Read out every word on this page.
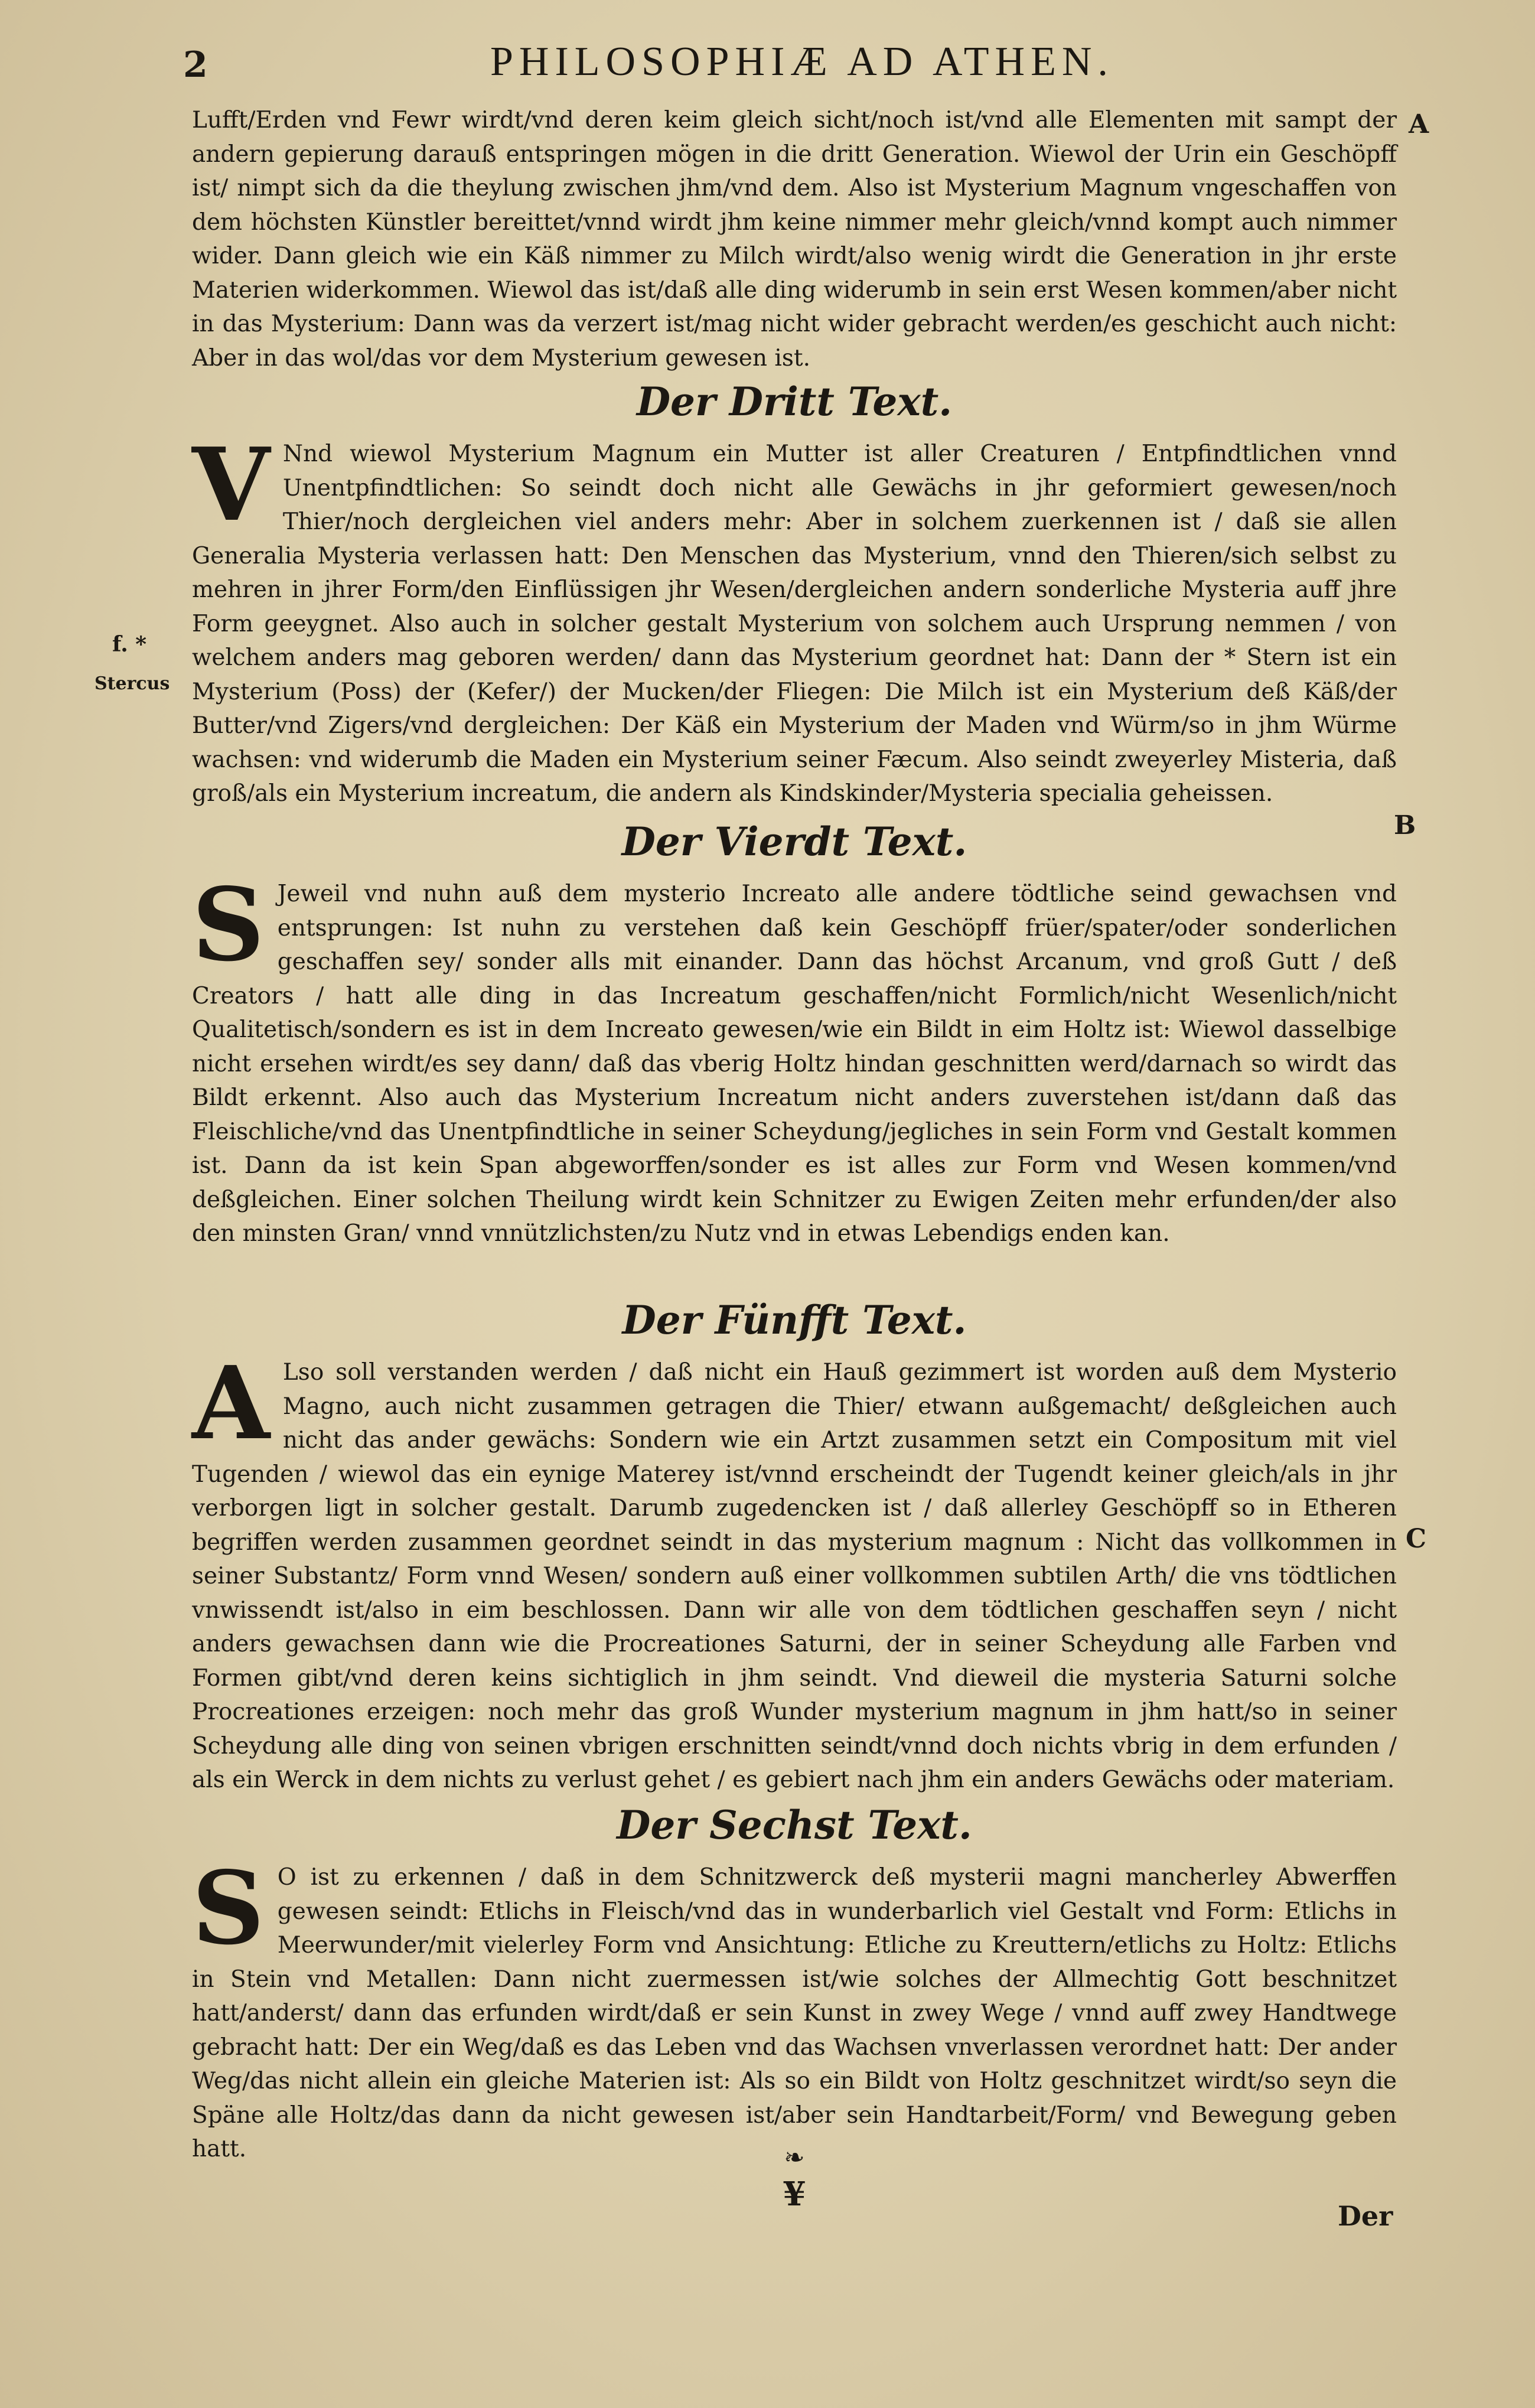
2	PHILOSOPHIÆ AD ATHEN.
A
B
C
f. *
Stercus

Lufft/Erden vnd Fewr wirdt/vnd deren keim gleich sicht/noch ist/vnd alle Elementen mit sampt der andern gepierung darauß entspringen mögen in die dritt Generation. Wiewol der Urin ein Geschöpff ist/ nimpt sich da die theylung zwischen jhm/vnd dem. Also ist Mysterium Magnum vngeschaffen von dem höchsten Künstler bereittet/vnnd wirdt jhm keine nimmer mehr gleich/vnnd kompt auch nimmer wider. Dann gleich wie ein Käß nimmer zu Milch wirdt/also wenig wirdt die Generation in jhr erste Materien widerkommen. Wiewol das ist/daß alle ding widerumb in sein erst Wesen kommen/aber nicht in das Mysterium: Dann was da verzert ist/mag nicht wider gebracht werden/es geschicht auch nicht: Aber in das wol/das vor dem Mysterium gewesen ist.

Der Dritt Text.
V Nnd wiewol Mysterium Magnum ein Mutter ist aller Creaturen / Entpfindtlichen vnnd Unentpfindtlichen: So seindt doch nicht alle Gewächs in jhr geformiert gewesen/noch Thier/noch dergleichen viel anders mehr: Aber in solchem zuerkennen ist / daß sie allen Generalia Mysteria verlassen hatt: Den Menschen das Mysterium, vnnd den Thieren/sich selbst zu mehren in jhrer Form/den Einflüssigen jhr Wesen/dergleichen andern sonderliche Mysteria auff jhre Form geeygnet. Also auch in solcher gestalt Mysterium von solchem auch Ursprung nemmen / von welchem anders mag geboren werden/ dann das Mysterium geordnet hat: Dann der * Stern ist ein Mysterium (Poss) der (Kefer/) der Mucken/der Fliegen: Die Milch ist ein Mysterium deß Käß/der Butter/vnd Zigers/vnd dergleichen: Der Käß ein Mysterium der Maden vnd Würm/so in jhm Würme wachsen: vnd widerumb die Maden ein Mysterium seiner Fæcum. Also seindt zweyerley Misteria, daß groß/als ein Mysterium increatum, die andern als Kindskinder/Mysteria specialia geheissen.
Der Vierdt Text.
S Jeweil vnd nuhn auß dem mysterio Increato alle andere tödtliche seind gewachsen vnd entsprungen: Ist nuhn zu verstehen daß kein Geschöpff früer/spater/oder sonderlichen geschaffen sey/ sonder alls mit einander. Dann das höchst Arcanum, vnd groß Gutt / deß Creators / hatt alle ding in das Increatum geschaffen/nicht Formlich/nicht Wesenlich/nicht Qualitetisch/sondern es ist in dem Increato gewesen/wie ein Bildt in eim Holtz ist: Wiewol dasselbige nicht ersehen wirdt/es sey dann/ daß das vberig Holtz hindan geschnitten werd/darnach so wirdt das Bildt erkennt. Also auch das Mysterium Increatum nicht anders zuverstehen ist/dann daß das Fleischliche/vnd das Unentpfindtliche in seiner Scheydung/jegliches in sein Form vnd Gestalt kommen ist. Dann da ist kein Span abgeworffen/sonder es ist alles zur Form vnd Wesen kommen/vnd deßgleichen. Einer solchen Theilung wirdt kein Schnitzer zu Ewigen Zeiten mehr erfunden/der also den minsten Gran/ vnnd vnnützlichsten/zu Nutz vnd in etwas Lebendigs enden kan.
Der Fünfft Text.
A Lso soll verstanden werden / daß nicht ein Hauß gezimmert ist worden auß dem Mysterio Magno, auch nicht zusammen getragen die Thier/ etwann außgemacht/ deßgleichen auch nicht das ander gewächs: Sondern wie ein Artzt zusammen setzt ein Compositum mit viel Tugenden / wiewol das ein eynige Materey ist/vnnd erscheindt der Tugendt keiner gleich/als in jhr verborgen ligt in solcher gestalt. Darumb zugedencken ist / daß allerley Geschöpff so in Etheren begriffen werden zusammen geordnet seindt in das mysterium magnum : Nicht das vollkommen in seiner Substantz/ Form vnnd Wesen/ sondern auß einer vollkommen subtilen Arth/ die vns tödtlichen vnwissendt ist/also in eim beschlossen. Dann wir alle von dem tödtlichen geschaffen seyn / nicht anders gewachsen dann wie die Procreationes Saturni, der in seiner Scheydung alle Farben vnd Formen gibt/vnd deren keins sichtiglich in jhm seindt. Vnd dieweil die mysteria Saturni solche Procreationes erzeigen: noch mehr das groß Wunder mysterium magnum in jhm hatt/so in seiner Scheydung alle ding von seinen vbrigen erschnitten seindt/vnnd doch nichts vbrig in dem erfunden / als ein Werck in dem nichts zu verlust gehet / es gebiert nach jhm ein anders Gewächs oder materiam.
Der Sechst Text.
S O ist zu erkennen / daß in dem Schnitzwerck deß mysterii magni mancherley Abwerffen gewesen seindt: Etlichs in Fleisch/vnd das in wunderbarlich viel Gestalt vnd Form: Etlichs in Meerwunder/mit vielerley Form vnd Ansichtung: Etliche zu Kreuttern/etlichs zu Holtz: Etlichs in Stein vnd Metallen: Dann nicht zuermessen ist/wie solches der Allmechtig Gott beschnitzet hatt/anderst/ dann das erfunden wirdt/daß er sein Kunst in zwey Wege / vnnd auff zwey Handtwege gebracht hatt: Der ein Weg/daß es das Leben vnd das Wachsen vnverlassen verordnet hatt: Der ander Weg/das nicht allein ein gleiche Materien ist: Als so ein Bildt von Holtz geschnitzet wirdt/so seyn die Späne alle Holtz/das dann da nicht gewesen ist/aber sein Handtarbeit/Form/ vnd Bewegung geben hatt.	❧
¥
Der
